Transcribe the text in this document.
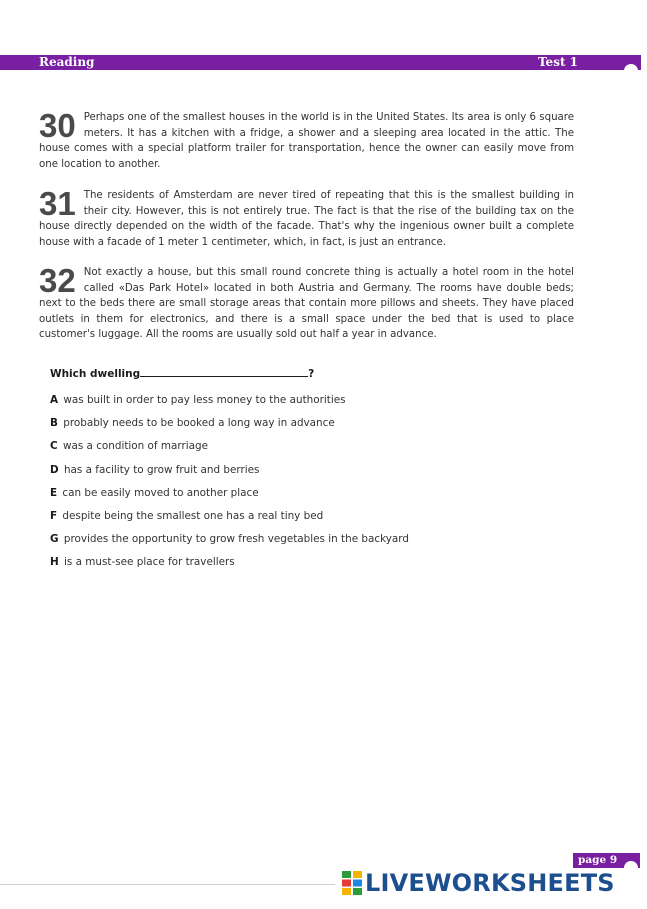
Reading	Test 1
30 Perhaps one of the smallest houses in the world is in the United States. Its area is only 6 square meters. It has a kitchen with a fridge, a shower and a sleeping area located in the attic. The house comes with a special platform trailer for transportation, hence the owner can easily move from one location to another.
31 The residents of Amsterdam are never tired of repeating that this is the smallest building in their city. However, this is not entirely true. The fact is that the rise of the building tax on the house directly depended on the width of the facade. That's why the ingenious owner built a complete house with a facade of 1 meter 1 centimeter, which, in fact, is just an entrance.
32 Not exactly a house, but this small round concrete thing is actually a hotel room in the hotel called «Das Park Hotel» located in both Austria and Germany. The rooms have double beds; next to the beds there are small storage areas that contain more pillows and sheets. They have placed outlets in them for electronics, and there is a small space under the bed that is used to place customer's luggage. All the rooms are usually sold out half a year in advance.
Which dwelling	?
A was built in order to pay less money to the authorities
B probably needs to be booked a long way in advance
C was a condition of marriage
D has a facility to grow fruit and berries
E can be easily moved to another place
F despite being the smallest one has a real tiny bed
G provides the opportunity to grow fresh vegetables in the backyard
H is a must-see place for travellers
page 9
LIVEWORKSHEETS
